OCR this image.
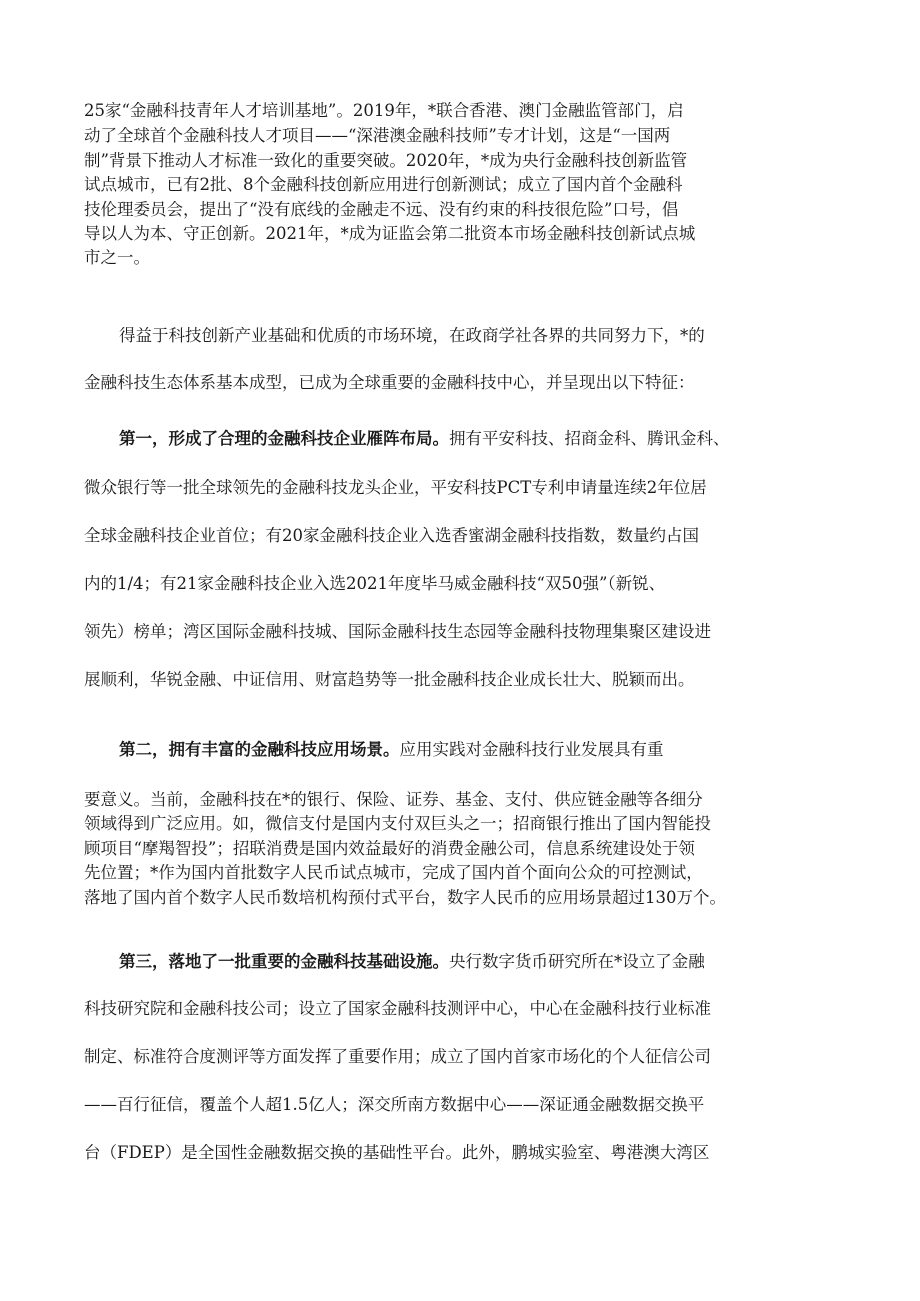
25家“金融科技青年人才培训基地”。2019年，*联合香港、澳门金融监管部门，启
动了全球首个金融科技人才项目——“深港澳金融科技师”专才计划，这是“一国两
制”背景下推动人才标准一致化的重要突破。2020年，*成为央行金融科技创新监管
试点城市，已有2批、8个金融科技创新应用进行创新测试；成立了国内首个金融科
技伦理委员会，提出了“没有底线的金融走不远、没有约束的科技很危险”口号，倡
导以人为本、守正创新。2021年，*成为证监会第二批资本市场金融科技创新试点城
市之一。
得益于科技创新产业基础和优质的市场环境，在政商学社各界的共同努力下，*的
金融科技生态体系基本成型，已成为全球重要的金融科技中心，并呈现出以下特征：
第一，形成了合理的金融科技企业雁阵布局。拥有平安科技、招商金科、腾讯金科、
微众银行等一批全球领先的金融科技龙头企业，平安科技PCT专利申请量连续2年位居
全球金融科技企业首位；有20家金融科技企业入选香蜜湖金融科技指数，数量约占国
内的1/4；有21家金融科技企业入选2021年度毕马威金融科技“双50强”（新锐、
领先）榜单；湾区国际金融科技城、国际金融科技生态园等金融科技物理集聚区建设进
展顺利，华锐金融、中证信用、财富趋势等一批金融科技企业成长壮大、脱颖而出。
第二，拥有丰富的金融科技应用场景。应用实践对金融科技行业发展具有重
要意义。当前，金融科技在*的银行、保险、证券、基金、支付、供应链金融等各细分
领域得到广泛应用。如，微信支付是国内支付双巨头之一；招商银行推出了国内智能投
顾项目“摩羯智投”；招联消费是国内效益最好的消费金融公司，信息系统建设处于领
先位置；*作为国内首批数字人民币试点城市，完成了国内首个面向公众的可控测试，
落地了国内首个数字人民币数培机构预付式平台，数字人民币的应用场景超过130万个。
第三，落地了一批重要的金融科技基础设施。央行数字货币研究所在*设立了金融
科技研究院和金融科技公司；设立了国家金融科技测评中心，中心在金融科技行业标准
制定、标准符合度测评等方面发挥了重要作用；成立了国内首家市场化的个人征信公司
——百行征信，覆盖个人超1.5亿人；深交所南方数据中心——深证通金融数据交换平
台（FDEP）是全国性金融数据交换的基础性平台。此外，鹏城实验室、粤港澳大湾区
